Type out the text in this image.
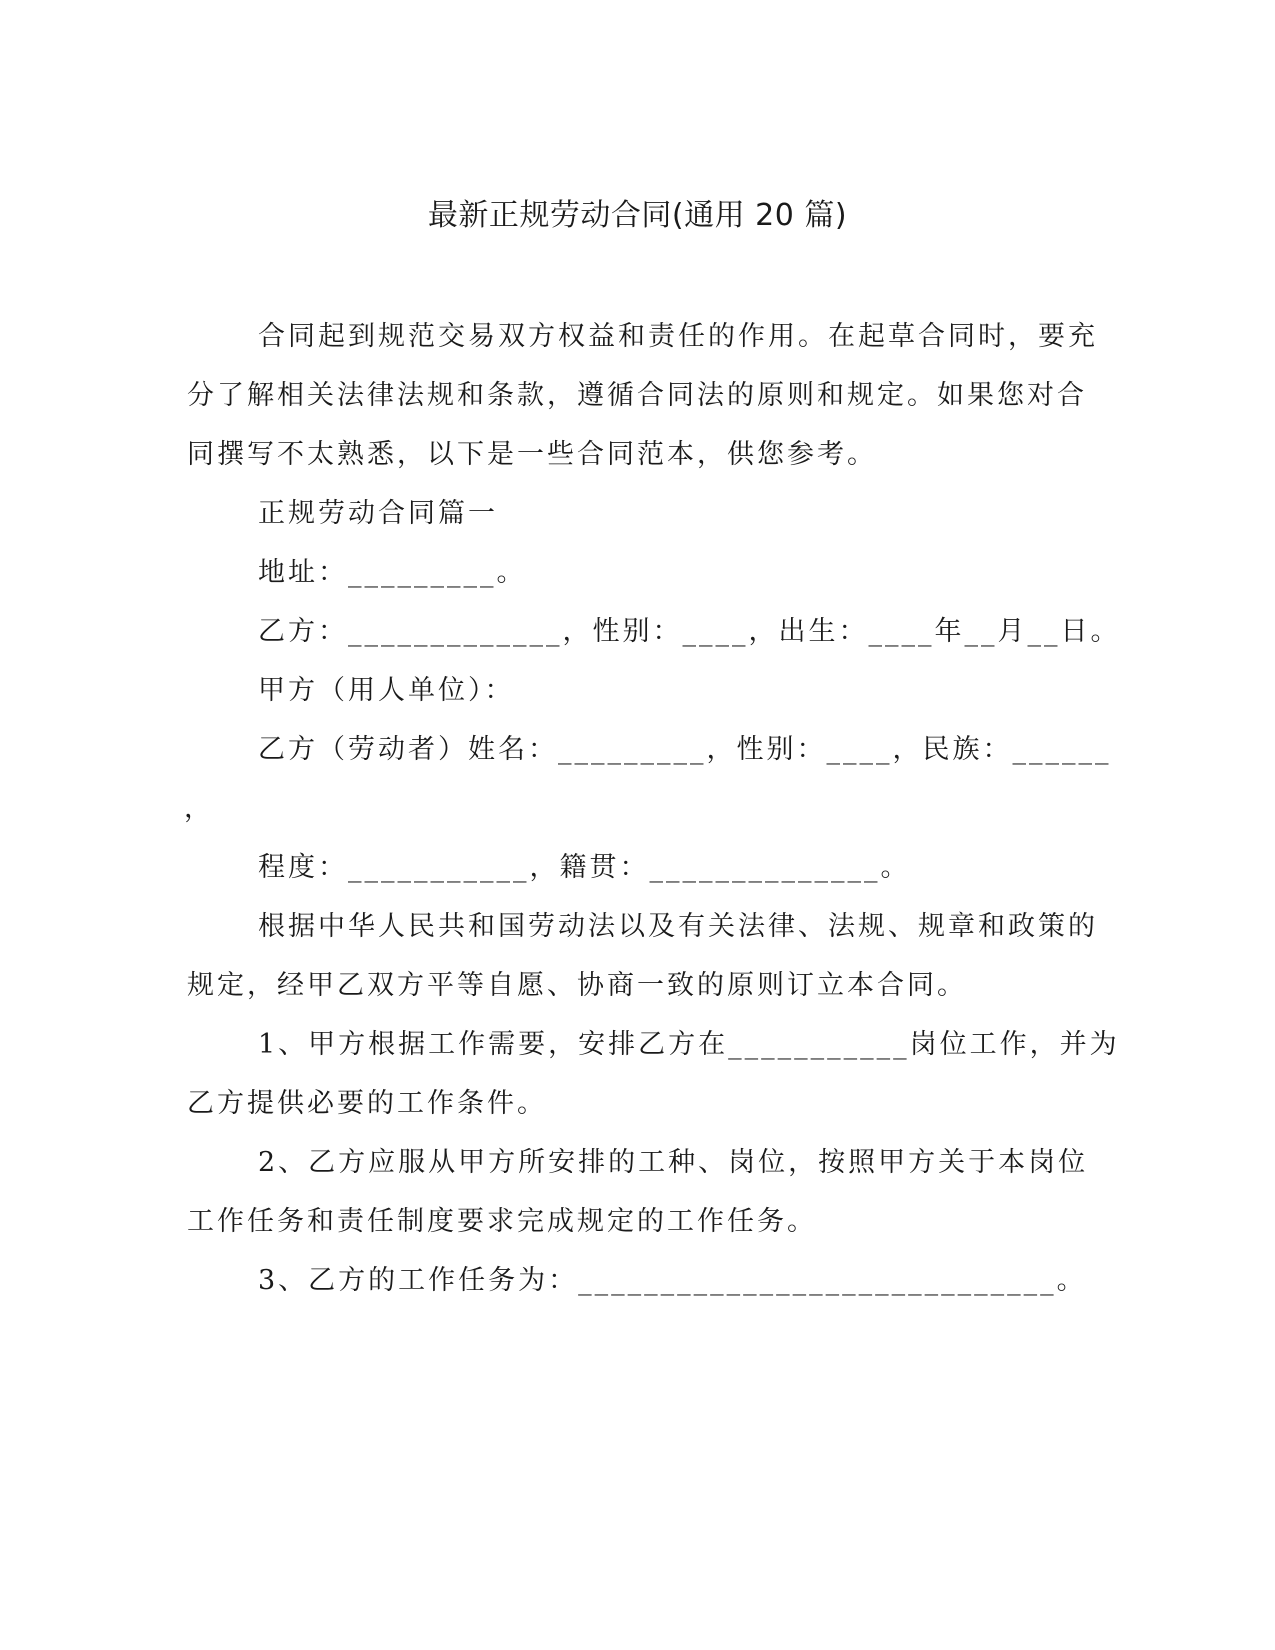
最新正规劳动合同(通用 20 篇)
合同起到规范交易双方权益和责任的作用。在起草合同时，要充
分了解相关法律法规和条款，遵循合同法的原则和规定。如果您对合
同撰写不太熟悉，以下是一些合同范本，供您参考。
正规劳动合同篇一
地址：_________。
乙方：_____________，性别：____，出生：____年__月__日。
甲方（用人单位）：
乙方（劳动者）姓名：_________，性别：____，民族：______
，
程度：___________，籍贯：______________。
根据中华人民共和国劳动法以及有关法律、法规、规章和政策的
规定，经甲乙双方平等自愿、协商一致的原则订立本合同。
1、甲方根据工作需要，安排乙方在___________岗位工作，并为
乙方提供必要的工作条件。
2、乙方应服从甲方所安排的工种、岗位，按照甲方关于本岗位
工作任务和责任制度要求完成规定的工作任务。
3、乙方的工作任务为：_____________________________。
